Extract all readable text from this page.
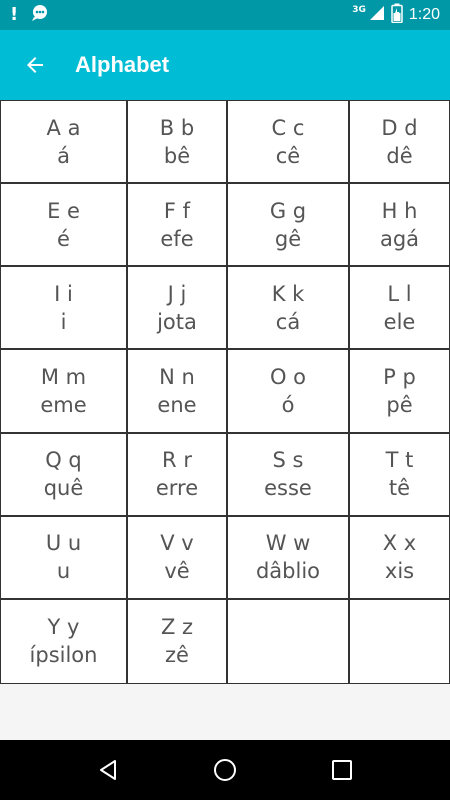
!	3G	1:20
Alphabet
A a
á
B b
bê
C c
cê
D d
dê
E e
é
F f
efe
G g
gê
H h
agá
I i
i
J j
jota
K k
cá
L l
ele
M m
eme
N n
ene
O o
ó
P p
pê
Q q
quê
R r
erre
S s
esse
T t
tê
U u
u
V v
vê
W w
dâblio
X x
xis
Y y
ípsilon
Z z
zê
